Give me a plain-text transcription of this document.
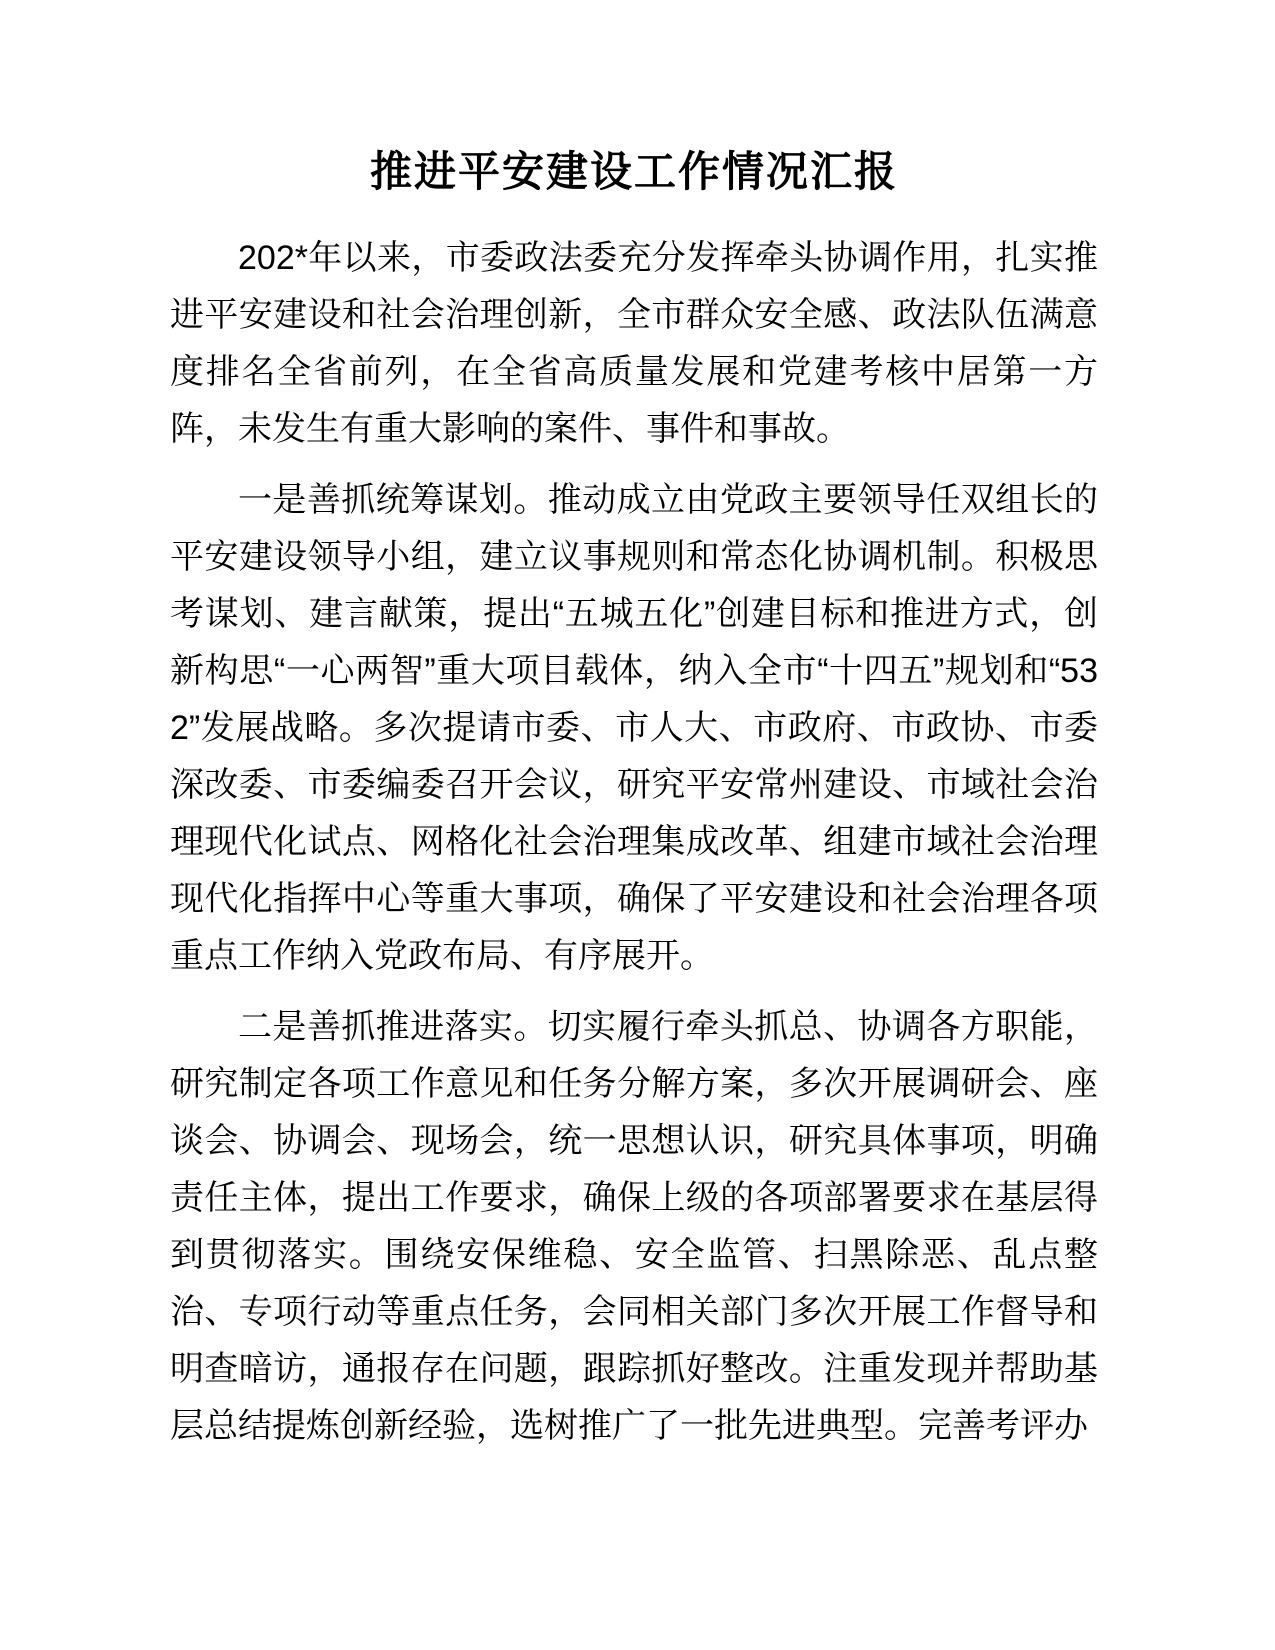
推进平安建设工作情况汇报

202*年以来，市委政法委充分发挥牵头协调作用，扎实推进平安建设和社会治理创新，全市群众安全感、政法队伍满意度排名全省前列，在全省高质量发展和党建考核中居第一方阵，未发生有重大影响的案件、事件和事故。

一是善抓统筹谋划。推动成立由党政主要领导任双组长的平安建设领导小组，建立议事规则和常态化协调机制。积极思考谋划、建言献策，提出“五城五化”创建目标和推进方式，创新构思“一心两智”重大项目载体，纳入全市“十四五”规划和“532”发展战略。多次提请市委、市人大、市政府、市政协、市委深改委、市委编委召开会议，研究平安常州建设、市域社会治理现代化试点、网格化社会治理集成改革、组建市域社会治理现代化指挥中心等重大事项，确保了平安建设和社会治理各项重点工作纳入党政布局、有序展开。

二是善抓推进落实。切实履行牵头抓总、协调各方职能，研究制定各项工作意见和任务分解方案，多次开展调研会、座谈会、协调会、现场会，统一思想认识，研究具体事项，明确责任主体，提出工作要求，确保上级的各项部署要求在基层得到贯彻落实。围绕安保维稳、安全监管、扫黑除恶、乱点整治、专项行动等重点任务，会同相关部门多次开展工作督导和明查暗访，通报存在问题，跟踪抓好整改。注重发现并帮助基层总结提炼创新经验，选树推广了一批先进典型。完善考评办
